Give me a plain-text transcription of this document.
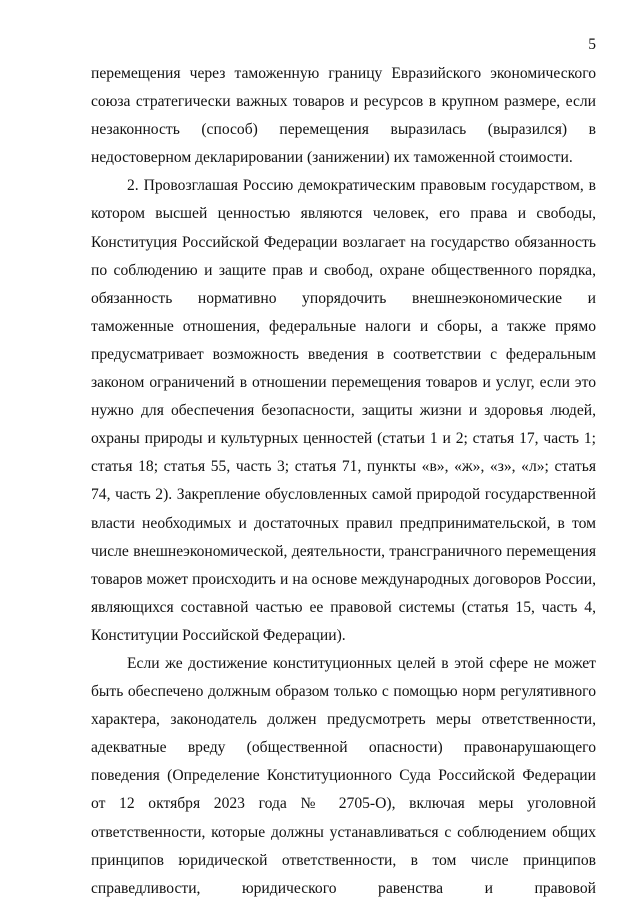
5

перемещения через таможенную границу Евразийского экономического союза стратегически важных товаров и ресурсов в крупном размере, если незаконность (способ) перемещения выразилась (выразился) в недостоверном декларировании (занижении) их таможенной стоимости.

2. Провозглашая Россию демократическим правовым государством, в котором высшей ценностью являются человек, его права и свободы, Конституция Российской Федерации возлагает на государство обязанность по соблюдению и защите прав и свобод, охране общественного порядка, обязанность нормативно упорядочить внешнеэкономические и таможенные отношения, федеральные налоги и сборы, а также прямо предусматривает возможность введения в соответствии с федеральным законом ограничений в отношении перемещения товаров и услуг, если это нужно для обеспечения безопасности, защиты жизни и здоровья людей, охраны природы и культурных ценностей (статьи 1 и 2; статья 17, часть 1; статья 18; статья 55, часть 3; статья 71, пункты «в», «ж», «з», «л»; статья 74, часть 2). Закрепление обусловленных самой природой государственной власти необходимых и достаточных правил предпринимательской, в том числе внешнеэкономической, деятельности, трансграничного перемещения товаров может происходить и на основе международных договоров России, являющихся составной частью ее правовой системы (статья 15, часть 4, Конституции Российской Федерации).

Если же достижение конституционных целей в этой сфере не может быть обеспечено должным образом только с помощью норм регулятивного характера, законодатель должен предусмотреть меры ответственности, адекватные вреду (общественной опасности) правонарушающего поведения (Определение Конституционного Суда Российской Федерации от 12 октября 2023 года № 2705-О), включая меры уголовной ответственности, которые должны устанавливаться с соблюдением общих принципов юридической ответственности, в том числе принципов справедливости, юридического равенства и правовой
